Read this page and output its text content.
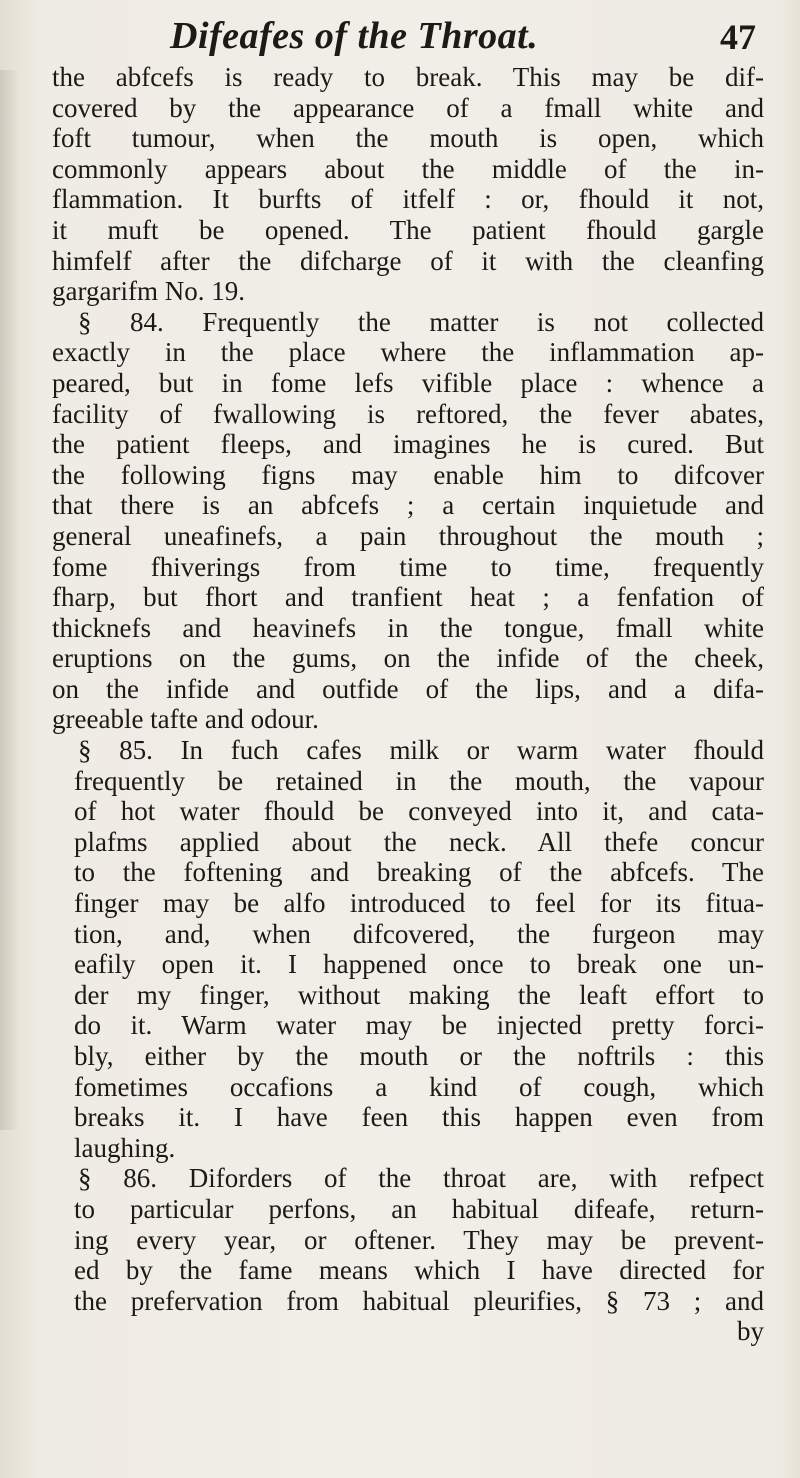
Difeafes of the Throat.	47
the abfcefs is ready to break. This may be dif-
covered by the appearance of a fmall white and
foft tumour, when the mouth is open, which
commonly appears about the middle of the in-
flammation. It burfts of itfelf : or, fhould it not,
it muft be opened. The patient fhould gargle
himfelf after the difcharge of it with the cleanfing
gargarifm No. 19.
§ 84. Frequently the matter is not collected
exactly in the place where the inflammation ap-
peared, but in fome lefs vifible place : whence a
facility of fwallowing is reftored, the fever abates,
the patient fleeps, and imagines he is cured. But
the following figns may enable him to difcover
that there is an abfcefs ; a certain inquietude and
general uneafinefs, a pain throughout the mouth ;
fome fhiverings from time to time, frequently
fharp, but fhort and tranfient heat ; a fenfation of
thicknefs and heavinefs in the tongue, fmall white
eruptions on the gums, on the infide of the cheek,
on the infide and outfide of the lips, and a difa-
greeable tafte and odour.
§ 85. In fuch cafes milk or warm water fhould
frequently be retained in the mouth, the vapour
of hot water fhould be conveyed into it, and cata-
plafms applied about the neck. All thefe concur
to the foftening and breaking of the abfcefs. The
finger may be alfo introduced to feel for its fitua-
tion, and, when difcovered, the furgeon may
eafily open it. I happened once to break one un-
der my finger, without making the leaft effort to
do it. Warm water may be injected pretty forci-
bly, either by the mouth or the noftrils : this
fometimes occafions a kind of cough, which
breaks it. I have feen this happen even from
laughing.
§ 86. Diforders of the throat are, with refpect
to particular perfons, an habitual difeafe, return-
ing every year, or oftener. They may be prevent-
ed by the fame means which I have directed for
the prefervation from habitual pleurifies, § 73 ; and
by
